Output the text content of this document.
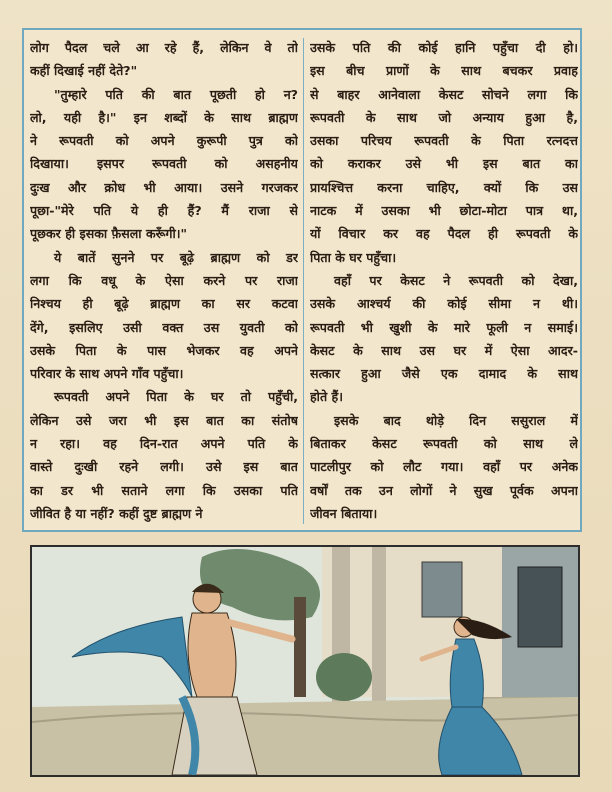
लोग पैदल चले आ रहे हैं, लेकिन वे तो
कहीं दिखाई नहीं देते?"
"तुम्हारे पति की बात पूछती हो न?
लो, यही है।" इन शब्दों के साथ ब्राह्मण
ने रूपवती को अपने कुरूपी पुत्र को
दिखाया। इसपर रूपवती को असहनीय
दुःख और क्रोध भी आया। उसने गरजकर
पूछा-"मेरे पति ये ही हैं? मैं राजा से
पूछकर ही इसका फ़ैसला करूँगी।"
ये बातें सुनने पर बूढ़े ब्राह्मण को डर
लगा कि वधू के ऐसा करने पर राजा
निश्चय ही बूढ़े ब्राह्मण का सर कटवा
देंगे, इसलिए उसी वक्त उस युवती को
उसके पिता के पास भेजकर वह अपने
परिवार के साथ अपने गाँव पहुँचा।
रूपवती अपने पिता के घर तो पहुँची,
लेकिन उसे जरा भी इस बात का संतोष
न रहा। वह दिन-रात अपने पति के
वास्ते दुःखी रहने लगी। उसे इस बात
का डर भी सताने लगा कि उसका पति
जीवित है या नहीं? कहीं दुष्ट ब्राह्मण ने
उसके पति की कोई हानि पहुँचा दी हो।
इस बीच प्राणों के साथ बचकर प्रवाह
से बाहर आनेवाला केसट सोचने लगा कि
रूपवती के साथ जो अन्याय हुआ है,
उसका परिचय रूपवती के पिता रत्नदत्त
को कराकर उसे भी इस बात का
प्रायश्चित्त करना चाहिए, क्यों कि उस
नाटक में उसका भी छोटा-मोटा पात्र था,
यों विचार कर वह पैदल ही रूपवती के
पिता के घर पहुँचा।
वहाँ पर केसट ने रूपवती को देखा,
उसके आश्चर्य की कोई सीमा न थी।
रूपवती भी खुशी के मारे फूली न समाई।
केसट के साथ उस घर में ऐसा आदर-
सत्कार हुआ जैसे एक दामाद के साथ
होते हैं।
इसके बाद थोड़े दिन ससुराल में
बिताकर केसट रूपवती को साथ ले
पाटलीपुर को लौट गया। वहाँ पर अनेक
वर्षों तक उन लोगों ने सुख पूर्वक अपना
जीवन बिताया।
